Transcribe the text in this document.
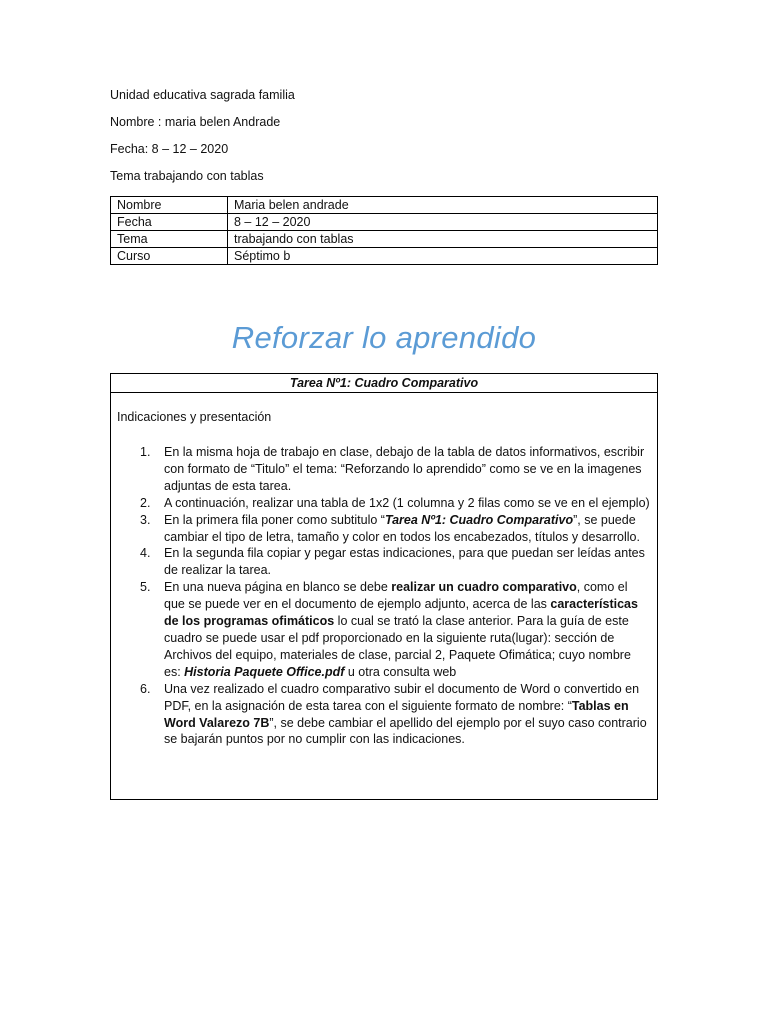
Unidad educativa sagrada familia
Nombre : maria belen Andrade
Fecha: 8 – 12 – 2020
Tema trabajando con tablas
Nombre	Maria belen andrade
Fecha	8 – 12 – 2020
Tema	trabajando con tablas
Curso	Séptimo b
Reforzar lo aprendido
Tarea Nº1: Cuadro Comparativo
Indicaciones y presentación
1. En la misma hoja de trabajo en clase, debajo de la tabla de datos informativos, escribir con formato de “Titulo” el tema: “Reforzando lo aprendido” como se ve en la imagenes adjuntas de esta tarea.
2. A continuación, realizar una tabla de 1x2 (1 columna y 2 filas como se ve en el ejemplo)
3. En la primera fila poner como subtitulo “Tarea Nº1: Cuadro Comparativo”, se puede cambiar el tipo de letra, tamaño y color en todos los encabezados, títulos y desarrollo.
4. En la segunda fila copiar y pegar estas indicaciones, para que puedan ser leídas antes de realizar la tarea.
5. En una nueva página en blanco se debe realizar un cuadro comparativo, como el que se puede ver en el documento de ejemplo adjunto, acerca de las características de los programas ofimáticos lo cual se trató la clase anterior. Para la guía de este cuadro se puede usar el pdf proporcionado en la siguiente ruta(lugar): sección de Archivos del equipo, materiales de clase, parcial 2, Paquete Ofimática; cuyo nombre es: Historia Paquete Office.pdf u otra consulta web
6. Una vez realizado el cuadro comparativo subir el documento de Word o convertido en PDF, en la asignación de esta tarea con el siguiente formato de nombre: “Tablas en Word Valarezo 7B”, se debe cambiar el apellido del ejemplo por el suyo caso contrario se bajarán puntos por no cumplir con las indicaciones.
